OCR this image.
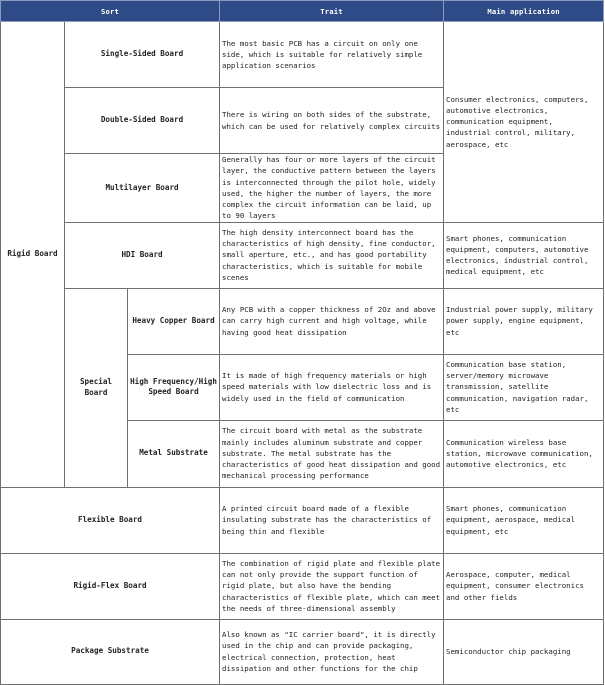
Sort			Trait	Main application
Rigid Board	Single-Sided Board		The most basic PCB has a circuit on only one side, which is suitable for relatively simple application scenarios	Consumer electronics, computers, automotive electronics, communication equipment, industrial control, military, aerospace, etc
	Double-Sided Board		There is wiring on both sides of the substrate, which can be used for relatively complex circuits	
	Multilayer Board		Generally has four or more layers of the circuit layer, the conductive pattern between the layers is interconnected through the pilot hole, widely used, the higher the number of layers, the more complex the circuit information can be laid, up to 90 layers	
	HDI Board		The high density interconnect board has the characteristics of high density, fine conductor, small aperture, etc., and has good portability characteristics, which is suitable for mobile scenes	Smart phones, communication equipment, computers, automotive electronics, industrial control, medical equipment, etc
	Special Board	Heavy Copper Board	Any PCB with a copper thickness of 2Oz and above can carry high current and high voltage, while having good heat dissipation	Industrial power supply, military power supply, engine equipment, etc
		High Frequency/High Speed Board	It is made of high frequency materials or high speed materials with low dielectric loss and is widely used in the field of communication	Communication base station, server/memory microwave transmission, satellite communication, navigation radar, etc
		Metal Substrate	The circuit board with metal as the substrate mainly includes aluminum substrate and copper substrate. The metal substrate has the characteristics of good heat dissipation and good mechanical processing performance	Communication wireless base station, microwave communication, automotive electronics, etc

Flexible Board			A printed circuit board made of a flexible insulating substrate has the characteristics of being thin and flexible	Smart phones, communication equipment, aerospace, medical equipment, etc
Rigid-Flex Board			The combination of rigid plate and flexible plate can not only provide the support function of rigid plate, but also have the bending characteristics of flexible plate, which can meet the needs of three-dimensional assembly	Aerospace, computer, medical equipment, consumer electronics and other fields
Package Substrate			Also known as "IC carrier board", it is directly used in the chip and can provide packaging, electrical connection, protection, heat dissipation and other functions for the chip	Semiconductor chip packaging
